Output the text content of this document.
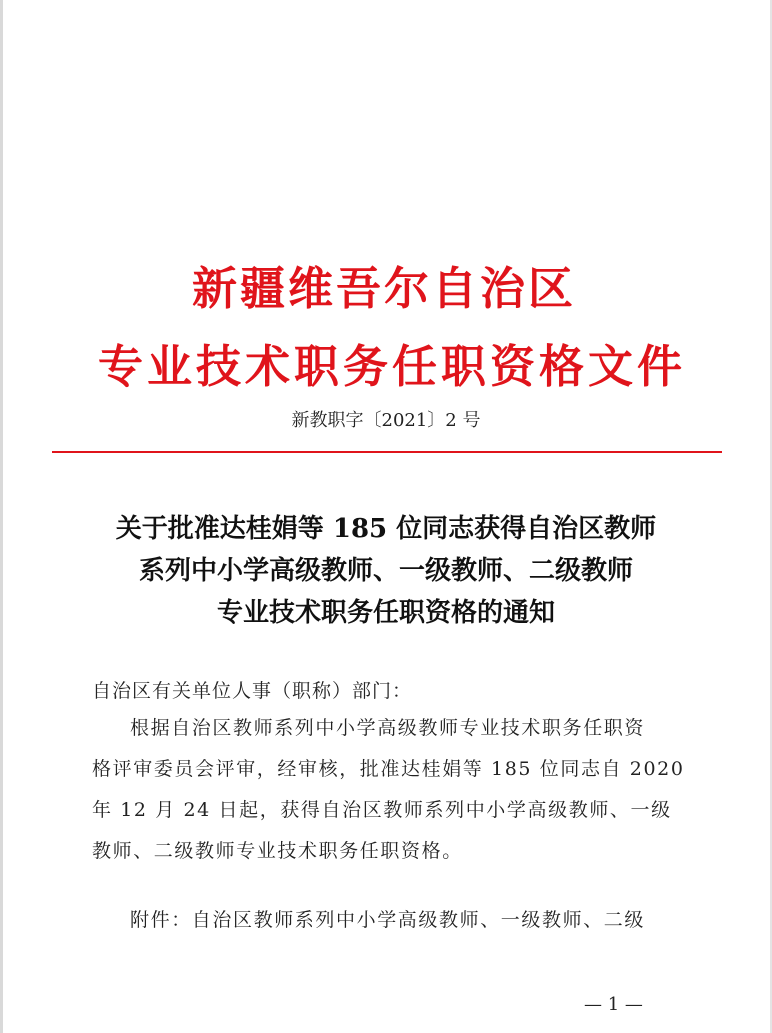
新疆维吾尔自治区
专业技术职务任职资格文件
新教职字〔2021〕2 号
关于批准达桂娟等 185 位同志获得自治区教师
系列中小学高级教师、一级教师、二级教师
专业技术职务任职资格的通知
自治区有关单位人事（职称）部门：
根据自治区教师系列中小学高级教师专业技术职务任职资
格评审委员会评审，经审核，批准达桂娟等 185 位同志自 2020
年 12 月 24 日起，获得自治区教师系列中小学高级教师、一级
教师、二级教师专业技术职务任职资格。
附件：自治区教师系列中小学高级教师、一级教师、二级
— 1 —
